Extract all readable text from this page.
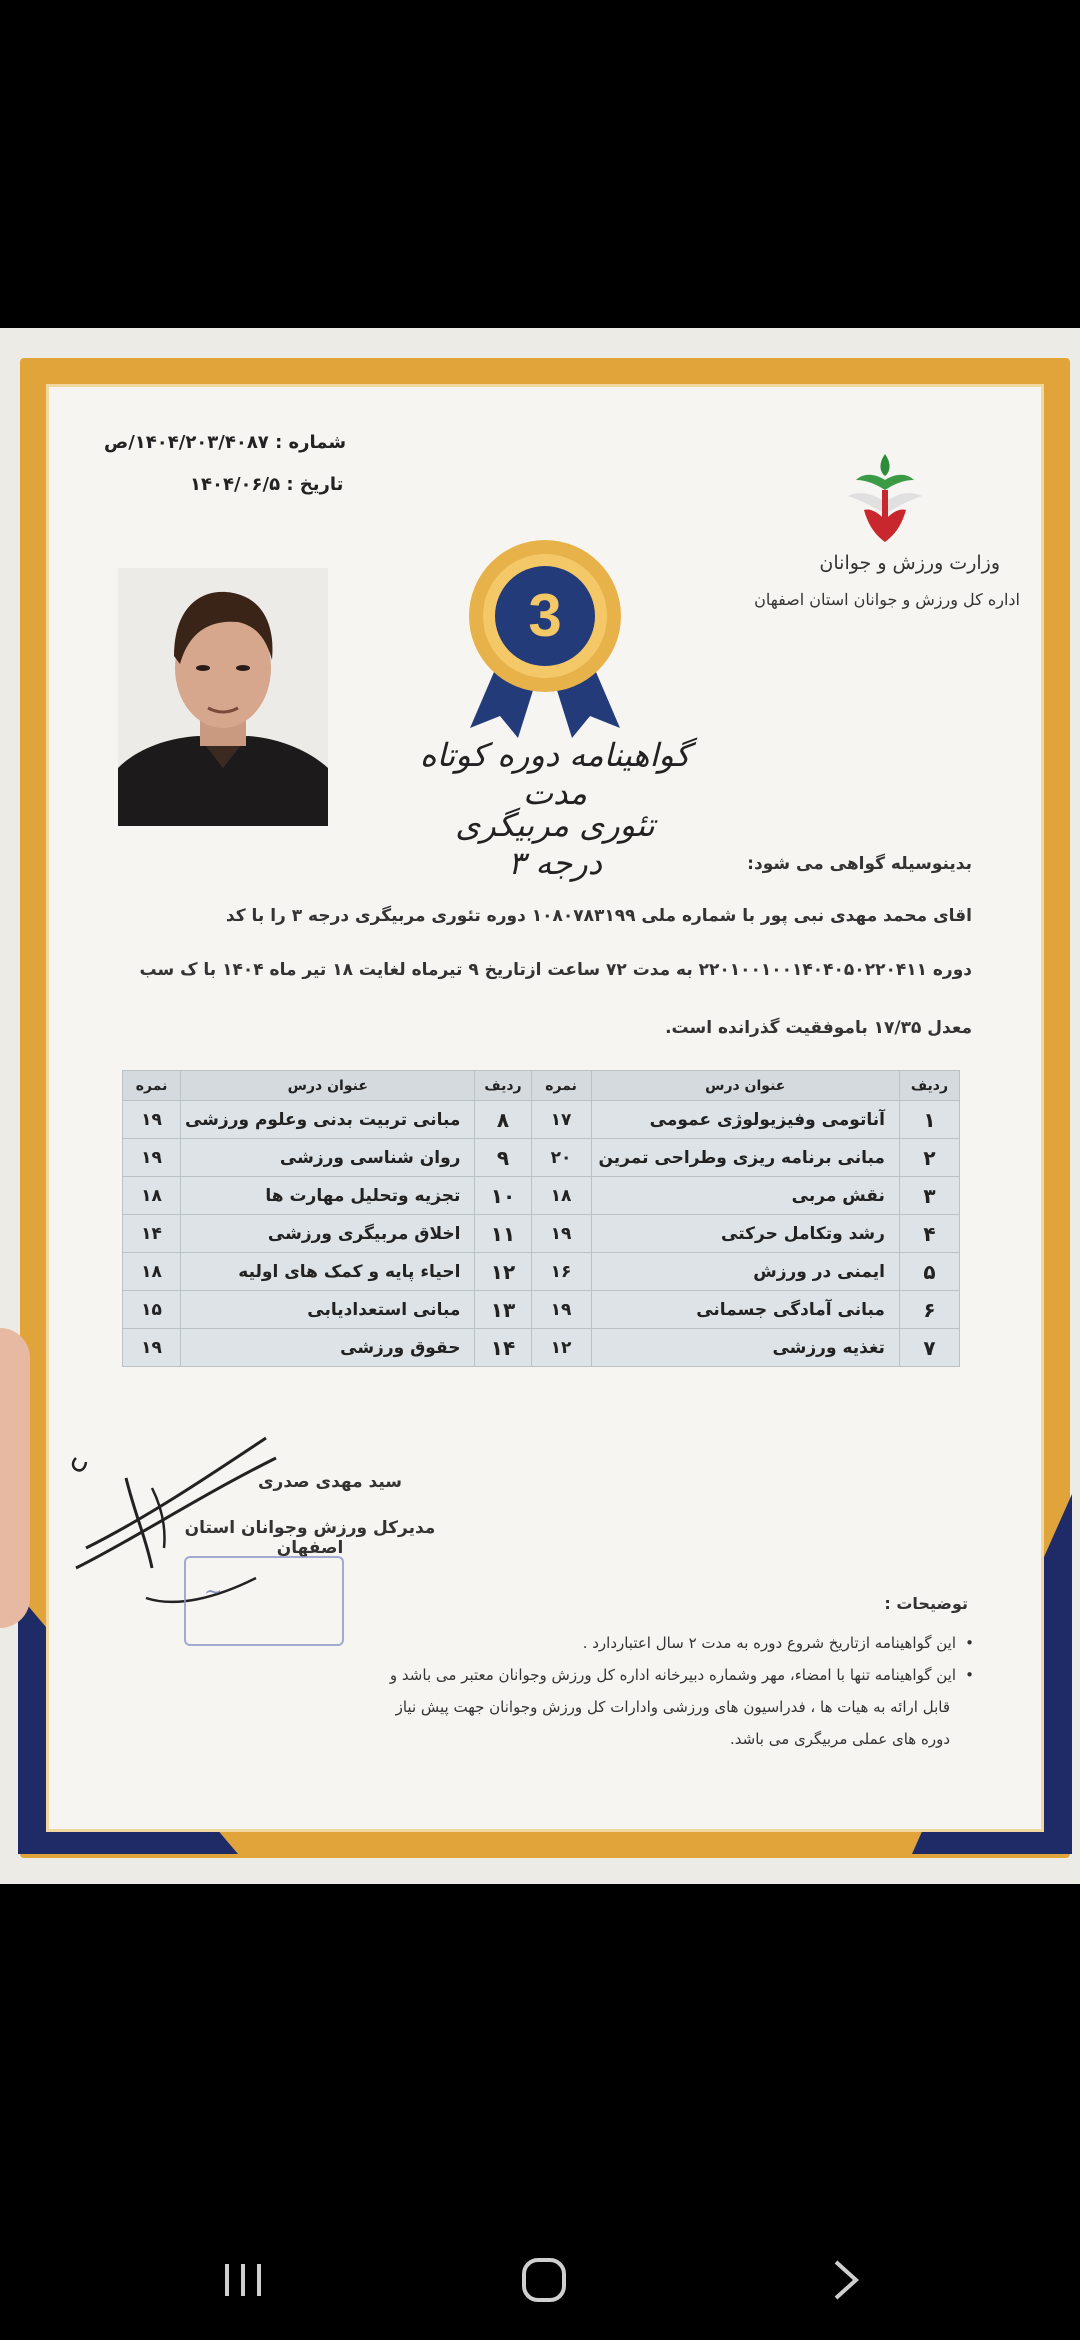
شماره : ۱۴۰۴/۲۰۳/۴۰۸۷/ص
تاریخ : ۱۴۰۴/۰۶/۵
وزارت ورزش و جوانان
اداره کل ورزش و جوانان استان اصفهان
3
گواهینامه دوره کوتاه مدت
تئوری مربیگری درجه ۳	بدینوسیله گواهی می شود:
اقای محمد مهدی نبی پور با شماره ملی ۱۰۸۰۷۸۳۱۹۹ دوره تئوری مربیگری درجه ۳ را با کد
دوره ۲۲۰۱۰۰۱۰۰۱۴۰۴۰۵۰۲۲۰۴۱۱ به مدت ۷۲ ساعت ازتاریخ ۹ تیرماه لغایت ۱۸ تیر ماه ۱۴۰۴ با ک سب
معدل ۱۷/۳۵ باموفقیت گذرانده است.
ردیف	عنوان درس	نمره	ردیف	عنوان درس	نمره
۱	آناتومی وفیزیولوژی عمومی	۱۷	۸	مبانی تربیت بدنی وعلوم ورزشی	۱۹
۲	مبانی برنامه ریزی وطراحی تمرین	۲۰	۹	روان شناسی ورزشی	۱۹
۳	نقش مربی	۱۸	۱۰	تجزیه وتحلیل مهارت ها	۱۸
۴	رشد وتکامل حرکتی	۱۹	۱۱	اخلاق مربیگری ورزشی	۱۴
۵	ایمنی در ورزش	۱۶	۱۲	احیاء پایه و کمک های اولیه	۱۸
۶	مبانی آمادگی جسمانی	۱۹	۱۳	مبانی استعدادیابی	۱۵
۷	تغذیه ورزشی	۱۲	۱۴	حقوق ورزشی	۱۹
سید مهدی صدری
مدیرکل ورزش وجوانان استان اصفهان
~	توضیحات :
• این گواهینامه ازتاریخ شروع دوره به مدت ۲ سال اعتباردارد .
• این گواهینامه تنها با امضاء، مهر وشماره دبیرخانه اداره کل ورزش وجوانان معتبر می باشد و
قابل ارائه به هیات ها ، فدراسیون های ورزشی وادارات کل ورزش وجوانان جهت پیش نیاز
دوره های عملی مربیگری می باشد.
